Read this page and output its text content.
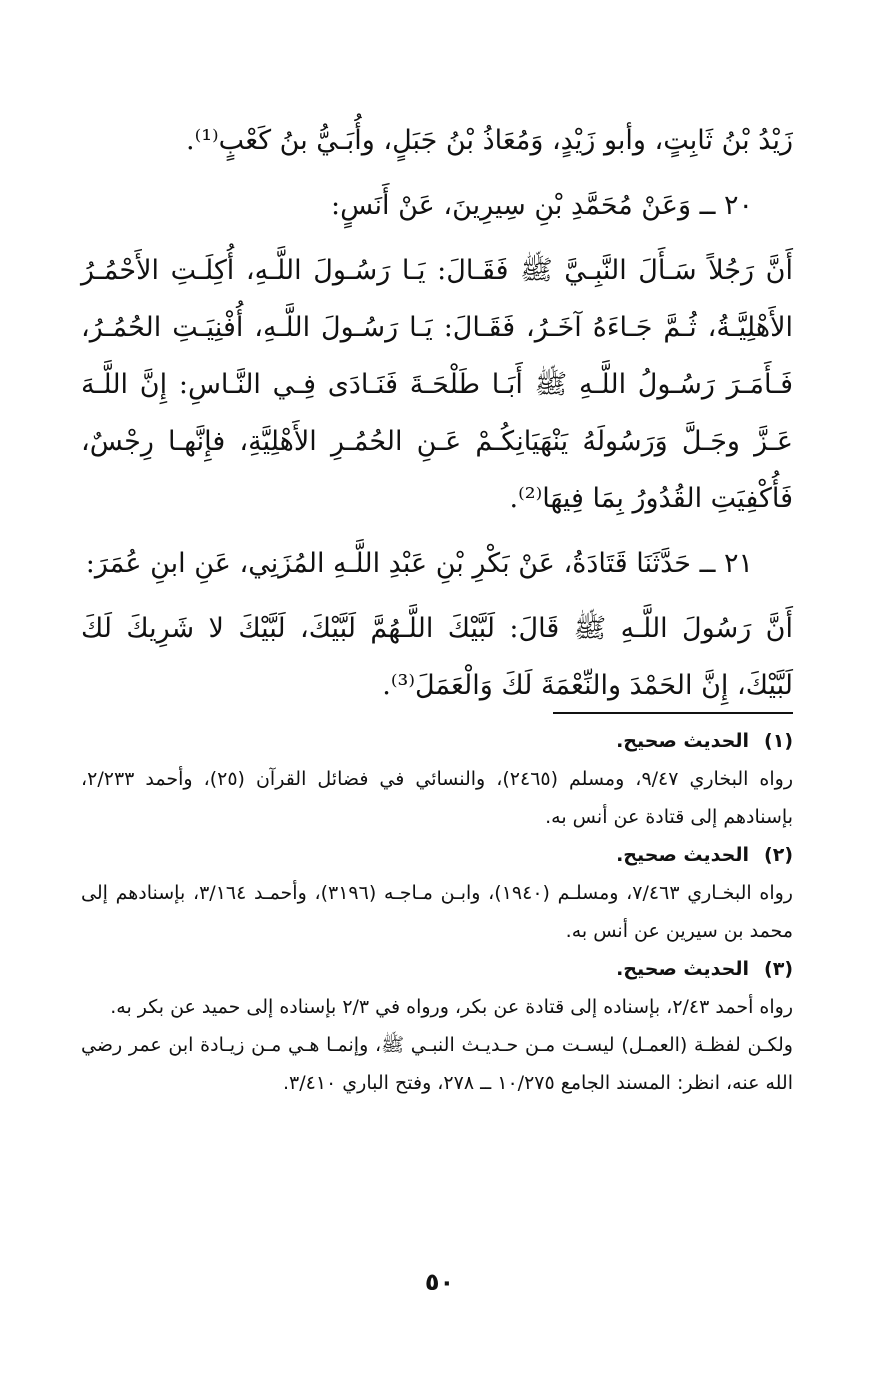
زَيْدُ بْنُ ثَابِتٍ، وأبو زَيْدٍ، وَمُعَاذُ بْنُ جَبَلٍ، وأُبَـيُّ بنُ كَعْبٍ⁽¹⁾.

٢٠ ــ وَعَنْ مُحَمَّدِ بْنِ سِيرِينَ، عَنْ أَنَسٍ:

أَنَّ رَجُلاً سَـأَلَ النَّبِـيَّ ﷺ فَقَـالَ: يَـا رَسُـولَ اللَّـهِ، أُكِلَـتِ الأَحْمُـرُ الأَهْلِيَّـةُ، ثُـمَّ جَـاءَهُ آخَـرُ، فَقَـالَ: يَـا رَسُـولَ اللَّـهِ، أُفْنِيَـتِ الحُمُـرُ، فَـأَمَـرَ رَسُـولُ اللَّـهِ ﷺ أَبَـا طَلْحَـةَ فَنَـادَى فِـي النَّـاسِ: إِنَّ اللَّـهَ عَـزَّ وجَـلَّ وَرَسُولَهُ يَنْهَيَانِكُـمْ عَـنِ الحُمُـرِ الأَهْلِيَّةِ، فإِنَّهـا رِجْسٌ، فَأُكْفِيَتِ القُدُورُ بِمَا فِيهَا⁽²⁾.

٢١ ــ حَدَّثَنَا قَتَادَةُ، عَنْ بَكْرِ بْنِ عَبْدِ اللَّـهِ المُزَنِي، عَنِ ابنِ عُمَرَ:

أَنَّ رَسُولَ اللَّـهِ ﷺ قَالَ: لَبَّيْكَ اللَّـهُمَّ لَبَّيْكَ، لَبَّيْكَ لا شَرِيكَ لَكَ لَبَّيْكَ، إِنَّ الحَمْدَ والنِّعْمَةَ لَكَ وَالْعَمَلَ⁽³⁾.

(١)الحديث صحيح.

رواه البخاري ٩/٤٧، ومسلم (٢٤٦٥)، والنسائي في فضائل القرآن (٢٥)، وأحمد ٢/٢٣٣، بإسنادهم إلى قتادة عن أنس به.

(٢)الحديث صحيح.

رواه البخـاري ٧/٤٦٣، ومسلـم (١٩٤٠)، وابـن مـاجـه (٣١٩٦)، وأحمـد ٣/١٦٤، بإسنادهم إلى محمد بن سيرين عن أنس به.

(٣)الحديث صحيح.

رواه أحمد ٢/٤٣، بإسناده إلى قتادة عن بكر، ورواه في ٢/٣ بإسناده إلى حميد عن بكر به.

ولكـن لفظـة (العمـل) ليسـت مـن حـديـث النبـي ﷺ، وإنمـا هـي مـن زيـادة ابن عمر رضي الله عنه، انظر: المسند الجامع ١٠/٢٧٥ ــ ٢٧٨، وفتح الباري ٣/٤١٠.

٥٠
